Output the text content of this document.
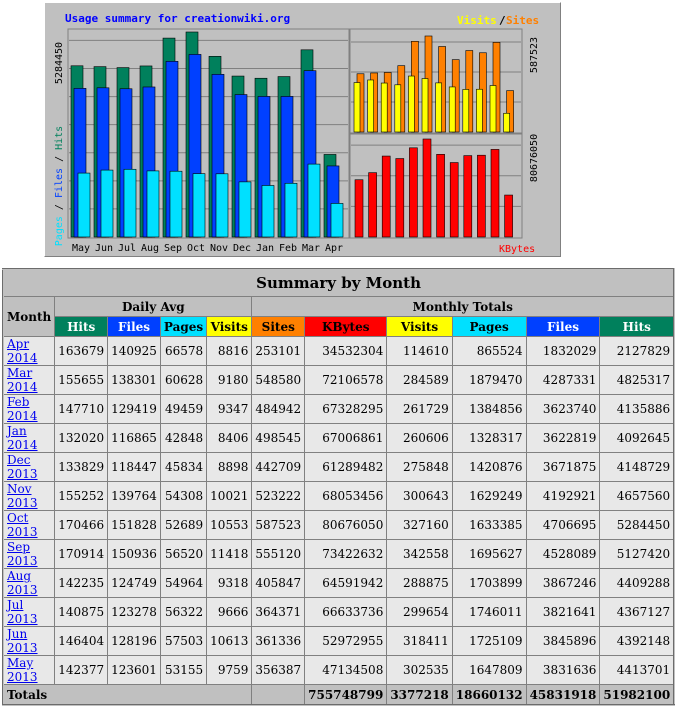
Usage summary for creationwiki.org	Visits / Sites
May Jun Jul Aug Sep Oct Nov Dec Jan Feb Mar Apr
5284450
Pages / Files / Hits
587523
80676050
KBytes
Summary by Month										
Month	Daily Avg				Monthly Totals					
	Hits	Files	Pages	Visits	Sites	KBytes	Visits	Pages	Files	Hits
Apr 2014	163679	140925	66578	8816	253101	34532304	114610	865524	1832029	2127829
Mar 2014	155655	138301	60628	9180	548580	72106578	284589	1879470	4287331	4825317
Feb 2014	147710	129419	49459	9347	484942	67328295	261729	1384856	3623740	4135886
Jan 2014	132020	116865	42848	8406	498545	67006861	260606	1328317	3622819	4092645
Dec 2013	133829	118447	45834	8898	442709	61289482	275848	1420876	3671875	4148729
Nov 2013	155252	139764	54308	10021	523222	68053456	300643	1629249	4192921	4657560
Oct 2013	170466	151828	52689	10553	587523	80676050	327160	1633385	4706695	5284450
Sep 2013	170914	150936	56520	11418	555120	73422632	342558	1695627	4528089	5127420
Aug 2013	142235	124749	54964	9318	405847	64591942	288875	1703899	3867246	4409288
Jul 2013	140875	123278	56322	9666	364371	66633736	299654	1746011	3821641	4367127
Jun 2013	146404	128196	57503	10613	361336	52972955	318411	1725109	3845896	4392148
May 2013	142377	123601	53155	9759	356387	47134508	302535	1647809	3831636	4413701
Totals						755748799	3377218	18660132	45831918	51982100
